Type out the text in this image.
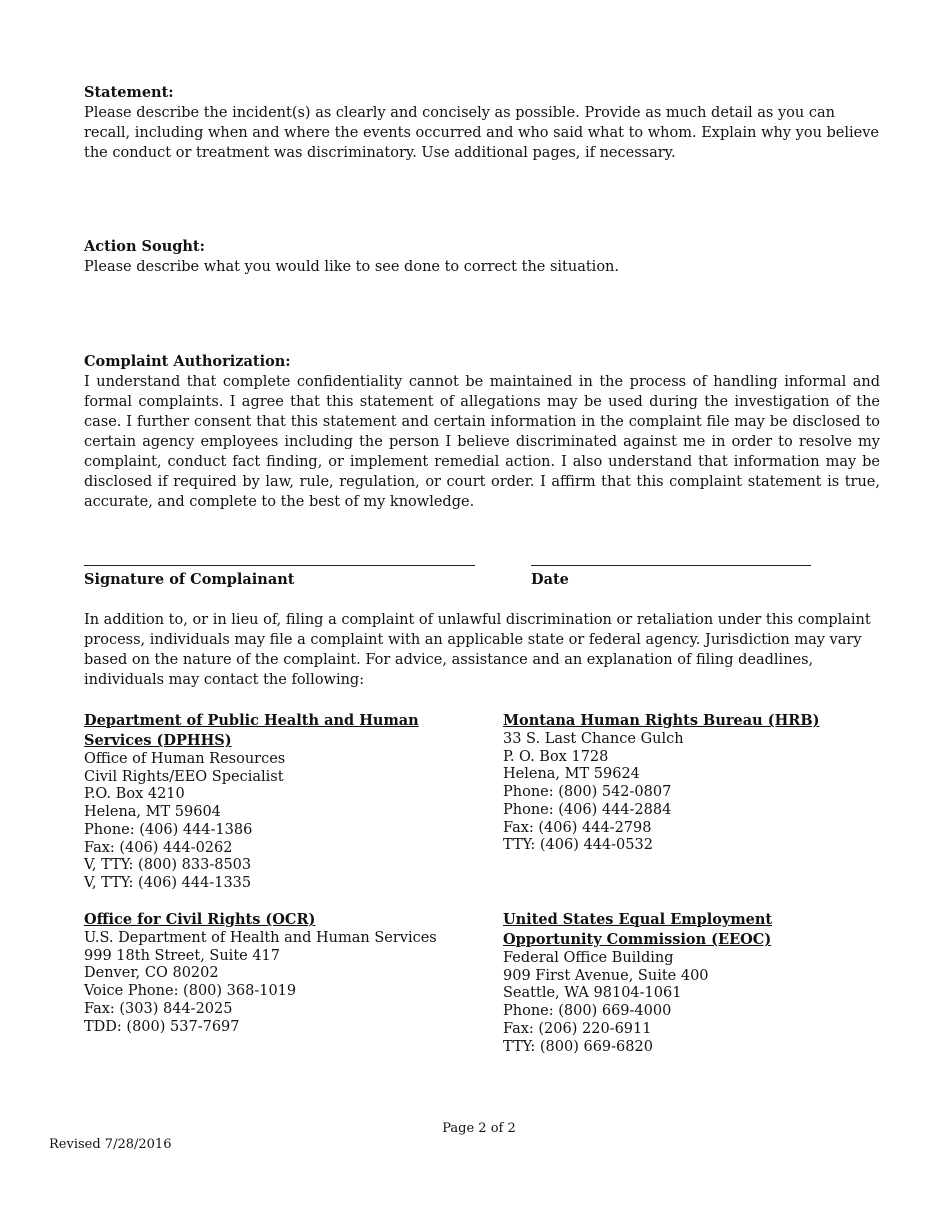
Statement:

Please describe the incident(s) as clearly and concisely as possible. Provide as much detail as you can recall, including when and where the events occurred and who said what to whom. Explain why you believe the conduct or treatment was discriminatory. Use additional pages, if necessary.

Action Sought:

Please describe what you would like to see done to correct the situation.

Complaint Authorization:

I understand that complete confidentiality cannot be maintained in the process of handling informal and formal complaints. I agree that this statement of allegations may be used during the investigation of the case. I further consent that this statement and certain information in the complaint file may be disclosed to certain agency employees including the person I believe discriminated against me in order to resolve my complaint, conduct fact finding, or implement remedial action. I also understand that information may be disclosed if required by law, rule, regulation, or court order. I affirm that this complaint statement is true, accurate, and complete to the best of my knowledge.

Signature of Complainant	Date

In addition to, or in lieu of, filing a complaint of unlawful discrimination or retaliation under this complaint process, individuals may file a complaint with an applicable state or federal agency. Jurisdiction may vary based on the nature of the complaint. For advice, assistance and an explanation of filing deadlines, individuals may contact the following:

Department of Public Health and Human Services (DPHHS)
Office of Human Resources
Civil Rights/EEO Specialist
P.O. Box 4210
Helena, MT 59604
Phone: (406) 444-1386
Fax: (406) 444-0262
V, TTY: (800) 833-8503
V, TTY: (406) 444-1335
Montana Human Rights Bureau (HRB)
33 S. Last Chance Gulch
P. O. Box 1728
Helena, MT 59624
Phone: (800) 542-0807
Phone: (406) 444-2884
Fax: (406) 444-2798
TTY: (406) 444-0532
Office for Civil Rights (OCR)
U.S. Department of Health and Human Services
999 18th Street, Suite 417
Denver, CO 80202
Voice Phone: (800) 368-1019
Fax: (303) 844-2025
TDD: (800) 537-7697
United States Equal Employment Opportunity Commission (EEOC)
Federal Office Building
909 First Avenue, Suite 400
Seattle, WA 98104-1061
Phone: (800) 669-4000
Fax: (206) 220-6911
TTY: (800) 669-6820
Page 2 of 2
Revised 7/28/2016
